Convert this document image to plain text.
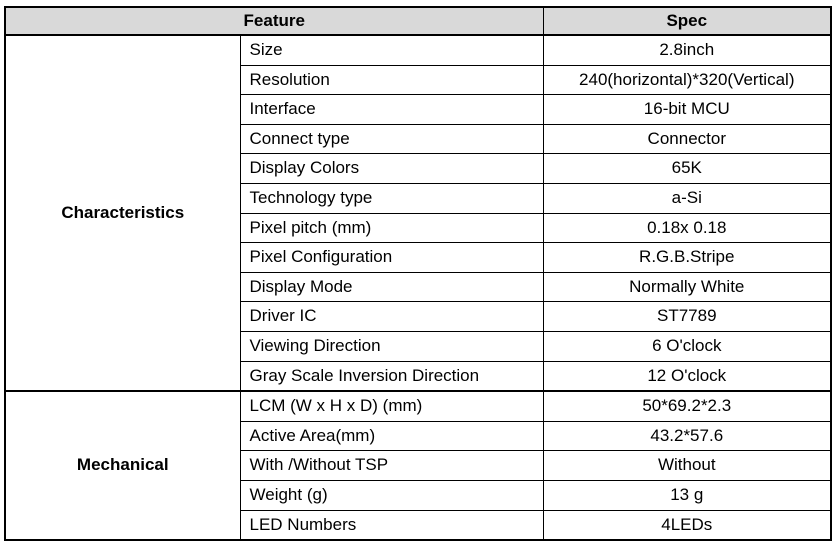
Feature		Spec
Characteristics	Size	2.8inch
	Resolution	240(horizontal)*320(Vertical)
	Interface	16-bit MCU
	Connect type	Connector
	Display Colors	65K
	Technology type	a-Si
	Pixel pitch (mm)	0.18x 0.18
	Pixel Configuration	R.G.B.Stripe
	Display Mode	Normally White
	Driver IC	ST7789
	Viewing Direction	6 O'clock
	Gray Scale Inversion Direction	12 O'clock
Mechanical	LCM (W x H x D) (mm)	50*69.2*2.3
	Active Area(mm)	43.2*57.6
	With /Without TSP	Without
	Weight (g)	13 g
	LED Numbers	4LEDs
